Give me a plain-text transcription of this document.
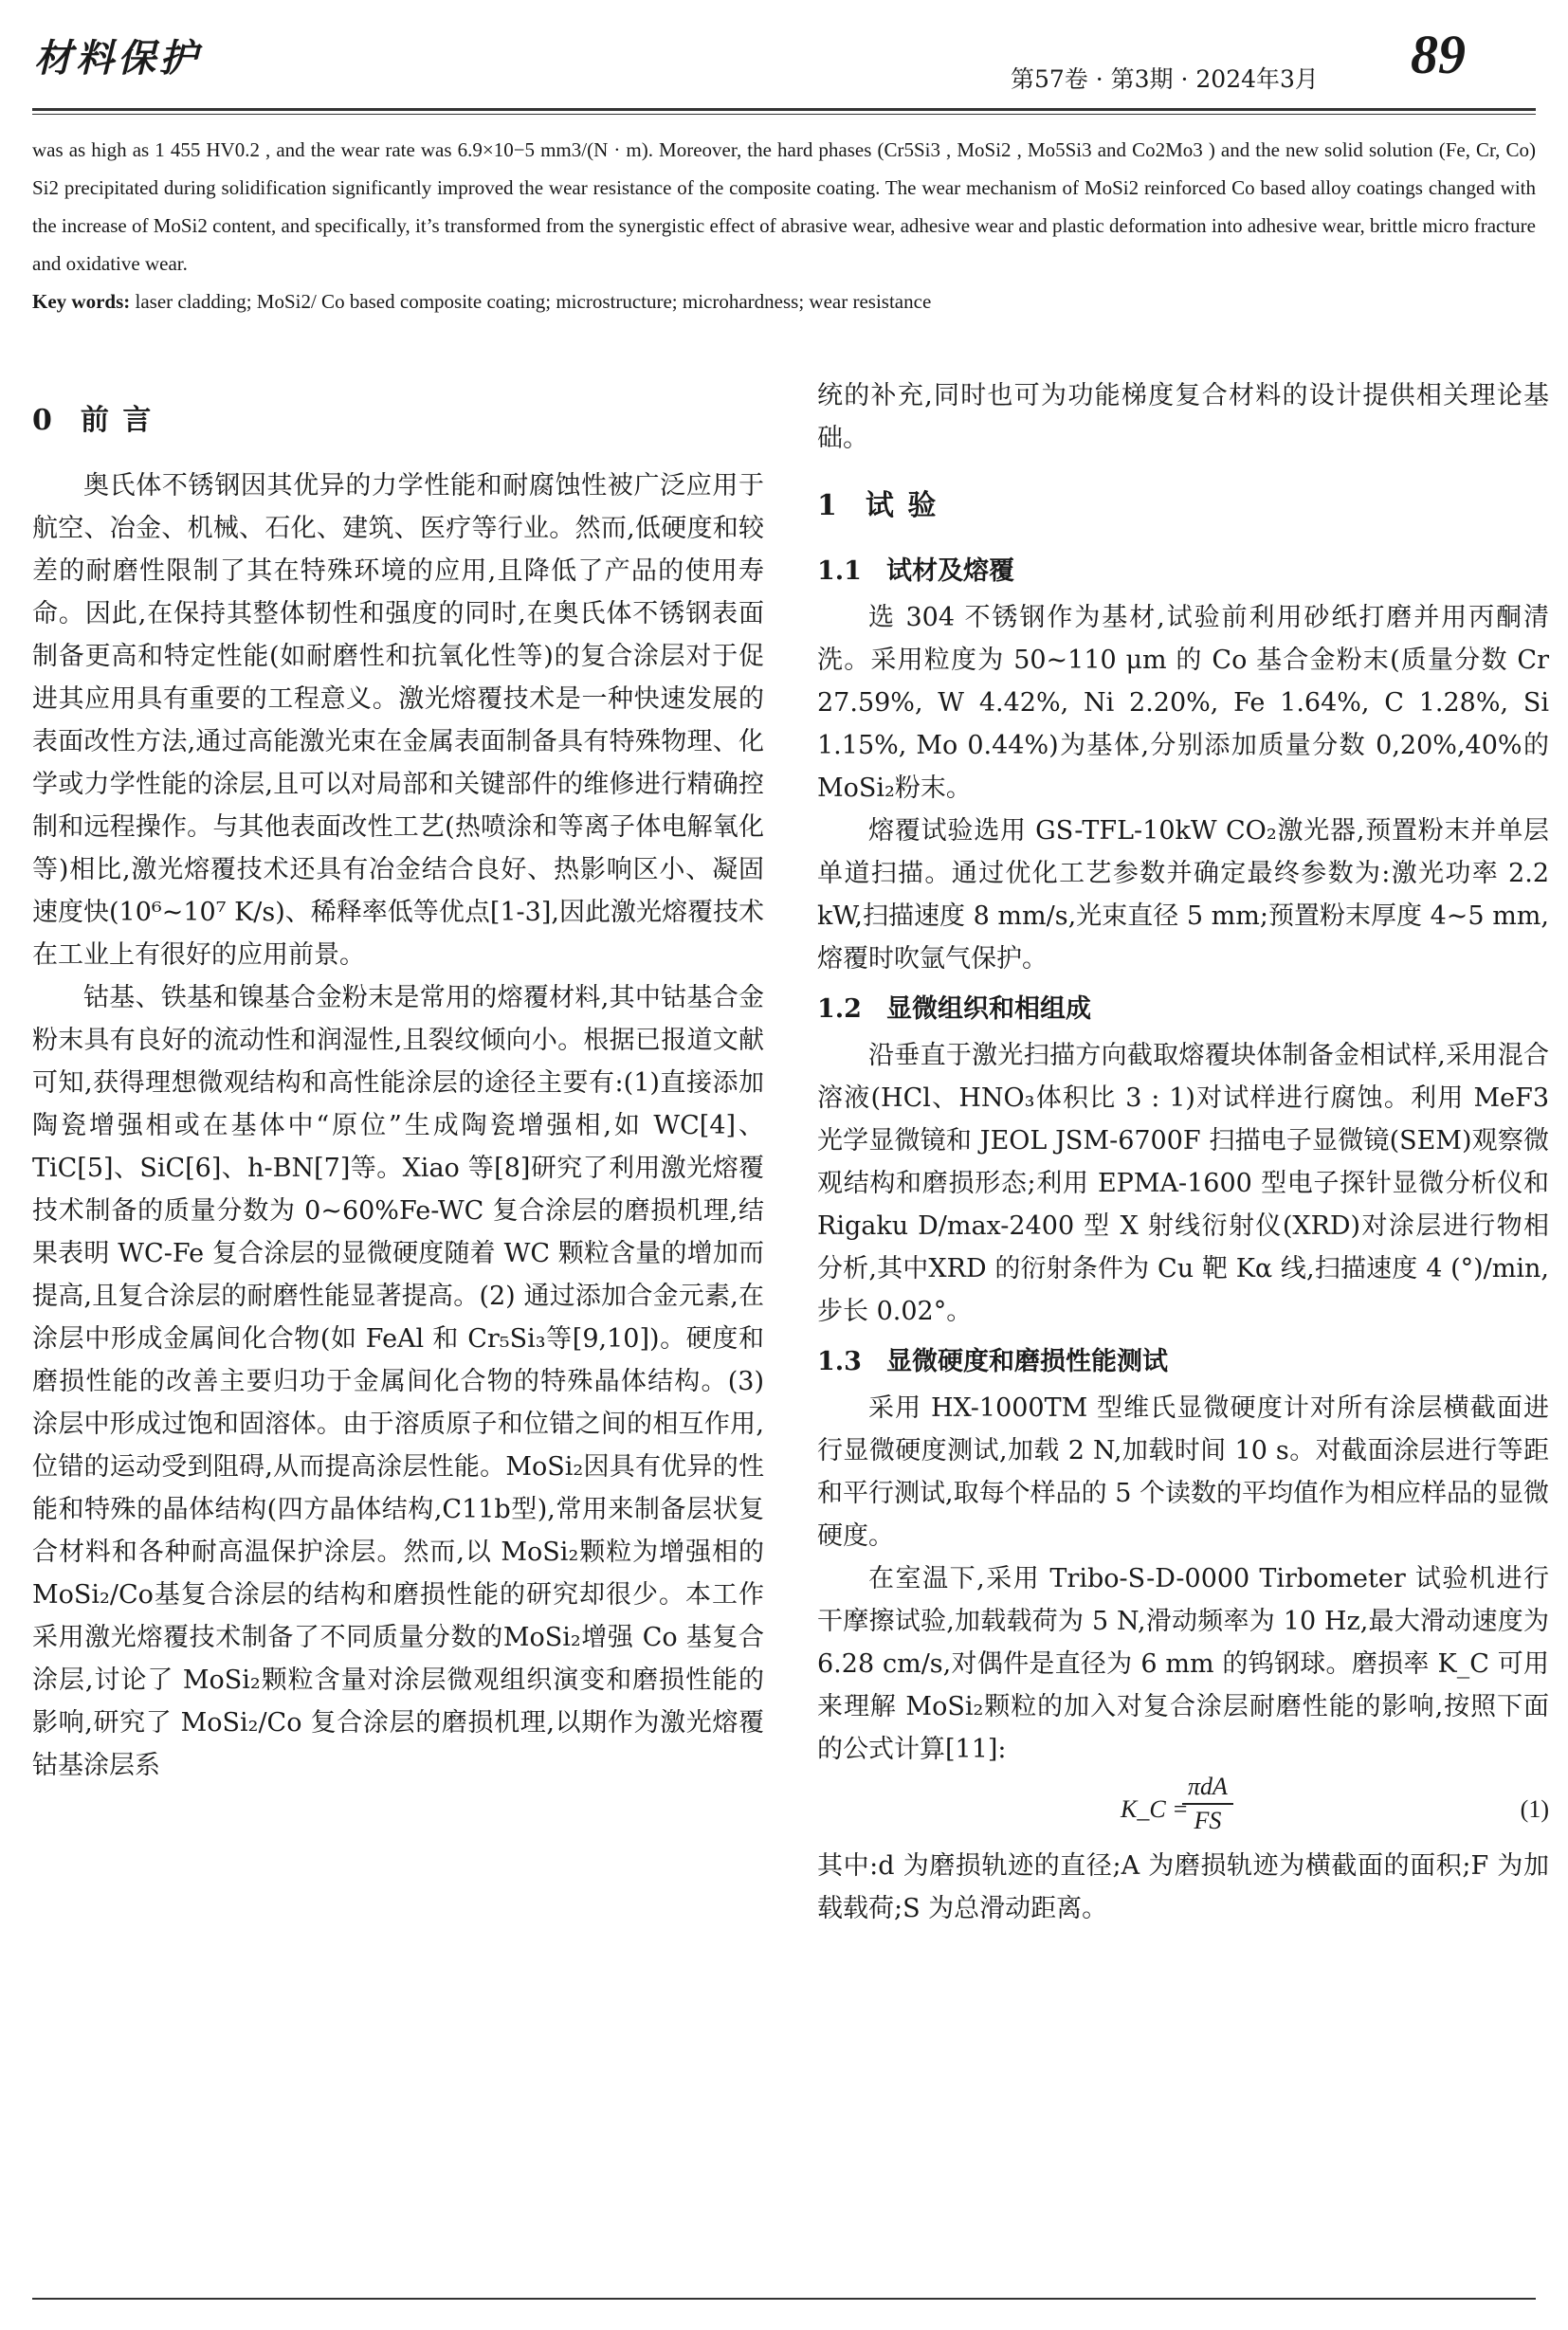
材料保护	第57卷 · 第3期 · 2024年3月 89

was as high as 1 455 HV0.2 , and the wear rate was 6.9×10−5 mm3/(N · m). Moreover, the hard phases (Cr5Si3 , MoSi2 , Mo5Si3 and Co2Mo3 ) and the new solid solution (Fe, Cr, Co) Si2 precipitated during solidification significantly improved the wear resistance of the composite coating. The wear mechanism of MoSi2 reinforced Co based alloy coatings changed with the increase of MoSi2 content, and specifically, it’s transformed from the synergistic effect of abrasive wear, adhesive wear and plastic deformation into adhesive wear, brittle micro fracture and oxidative wear.

Key words: laser cladding; MoSi2/ Co based composite coating; microstructure; microhardness; wear resistance

0 前 言

奥氏体不锈钢因其优异的力学性能和耐腐蚀性被广泛应用于航空、冶金、机械、石化、建筑、医疗等行业。然而,低硬度和较差的耐磨性限制了其在特殊环境的应用,且降低了产品的使用寿命。因此,在保持其整体韧性和强度的同时,在奥氏体不锈钢表面制备更高和特定性能(如耐磨性和抗氧化性等)的复合涂层对于促进其应用具有重要的工程意义。激光熔覆技术是一种快速发展的表面改性方法,通过高能激光束在金属表面制备具有特殊物理、化学或力学性能的涂层,且可以对局部和关键部件的维修进行精确控制和远程操作。与其他表面改性工艺(热喷涂和等离子体电解氧化等)相比,激光熔覆技术还具有冶金结合良好、热影响区小、凝固速度快(10⁶~10⁷ K/s)、稀释率低等优点[1-3],因此激光熔覆技术在工业上有很好的应用前景。

钴基、铁基和镍基合金粉末是常用的熔覆材料,其中钴基合金粉末具有良好的流动性和润湿性,且裂纹倾向小。根据已报道文献可知,获得理想微观结构和高性能涂层的途径主要有:(1)直接添加陶瓷增强相或在基体中“原位”生成陶瓷增强相,如 WC[4]、TiC[5]、SiC[6]、h-BN[7]等。Xiao 等[8]研究了利用激光熔覆技术制备的质量分数为 0~60%Fe-WC 复合涂层的磨损机理,结果表明 WC-Fe 复合涂层的显微硬度随着 WC 颗粒含量的增加而提高,且复合涂层的耐磨性能显著提高。(2) 通过添加合金元素,在涂层中形成金属间化合物(如 FeAl 和 Cr₅Si₃等[9,10])。硬度和磨损性能的改善主要归功于金属间化合物的特殊晶体结构。(3) 涂层中形成过饱和固溶体。由于溶质原子和位错之间的相互作用,位错的运动受到阻碍,从而提高涂层性能。MoSi₂因具有优异的性能和特殊的晶体结构(四方晶体结构,C11b型),常用来制备层状复合材料和各种耐高温保护涂层。然而,以 MoSi₂颗粒为增强相的MoSi₂/Co基复合涂层的结构和磨损性能的研究却很少。本工作采用激光熔覆技术制备了不同质量分数的MoSi₂增强 Co 基复合涂层,讨论了 MoSi₂颗粒含量对涂层微观组织演变和磨损性能的影响,研究了 MoSi₂/Co 复合涂层的磨损机理,以期作为激光熔覆钴基涂层系

统的补充,同时也可为功能梯度复合材料的设计提供相关理论基础。

1 试 验
1.1 试材及熔覆

选 304 不锈钢作为基材,试验前利用砂纸打磨并用丙酮清洗。采用粒度为 50~110 μm 的 Co 基合金粉末(质量分数 Cr 27.59%, W 4.42%, Ni 2.20%, Fe 1.64%, C 1.28%, Si 1.15%, Mo 0.44%)为基体,分别添加质量分数 0,20%,40%的 MoSi₂粉末。

熔覆试验选用 GS-TFL-10kW CO₂激光器,预置粉末并单层单道扫描。通过优化工艺参数并确定最终参数为:激光功率 2.2 kW,扫描速度 8 mm/s,光束直径 5 mm;预置粉末厚度 4~5 mm,熔覆时吹氩气保护。

1.2 显微组织和相组成

沿垂直于激光扫描方向截取熔覆块体制备金相试样,采用混合溶液(HCl、HNO₃体积比 3 : 1)对试样进行腐蚀。利用 MeF3 光学显微镜和 JEOL JSM-6700F 扫描电子显微镜(SEM)观察微观结构和磨损形态;利用 EPMA-1600 型电子探针显微分析仪和 Rigaku D/max-2400 型 X 射线衍射仪(XRD)对涂层进行物相分析,其中XRD 的衍射条件为 Cu 靶 Kα 线,扫描速度 4 (°)/min,步长 0.02°。

1.3 显微硬度和磨损性能测试

采用 HX-1000TM 型维氏显微硬度计对所有涂层横截面进行显微硬度测试,加载 2 N,加载时间 10 s。对截面涂层进行等距和平行测试,取每个样品的 5 个读数的平均值作为相应样品的显微硬度。

在室温下,采用 Tribo-S-D-0000 Tirbometer 试验机进行干摩擦试验,加载载荷为 5 N,滑动频率为 10 Hz,最大滑动速度为 6.28 cm/s,对偶件是直径为 6 mm 的钨钢球。磨损率 K_C 可用来理解 MoSi₂颗粒的加入对复合涂层耐磨性能的影响,按照下面的公式计算[11]:

K_C =
πdA
FS	(1)

其中:d 为磨损轨迹的直径;A 为磨损轨迹为横截面的面积;F 为加载载荷;S 为总滑动距离。
